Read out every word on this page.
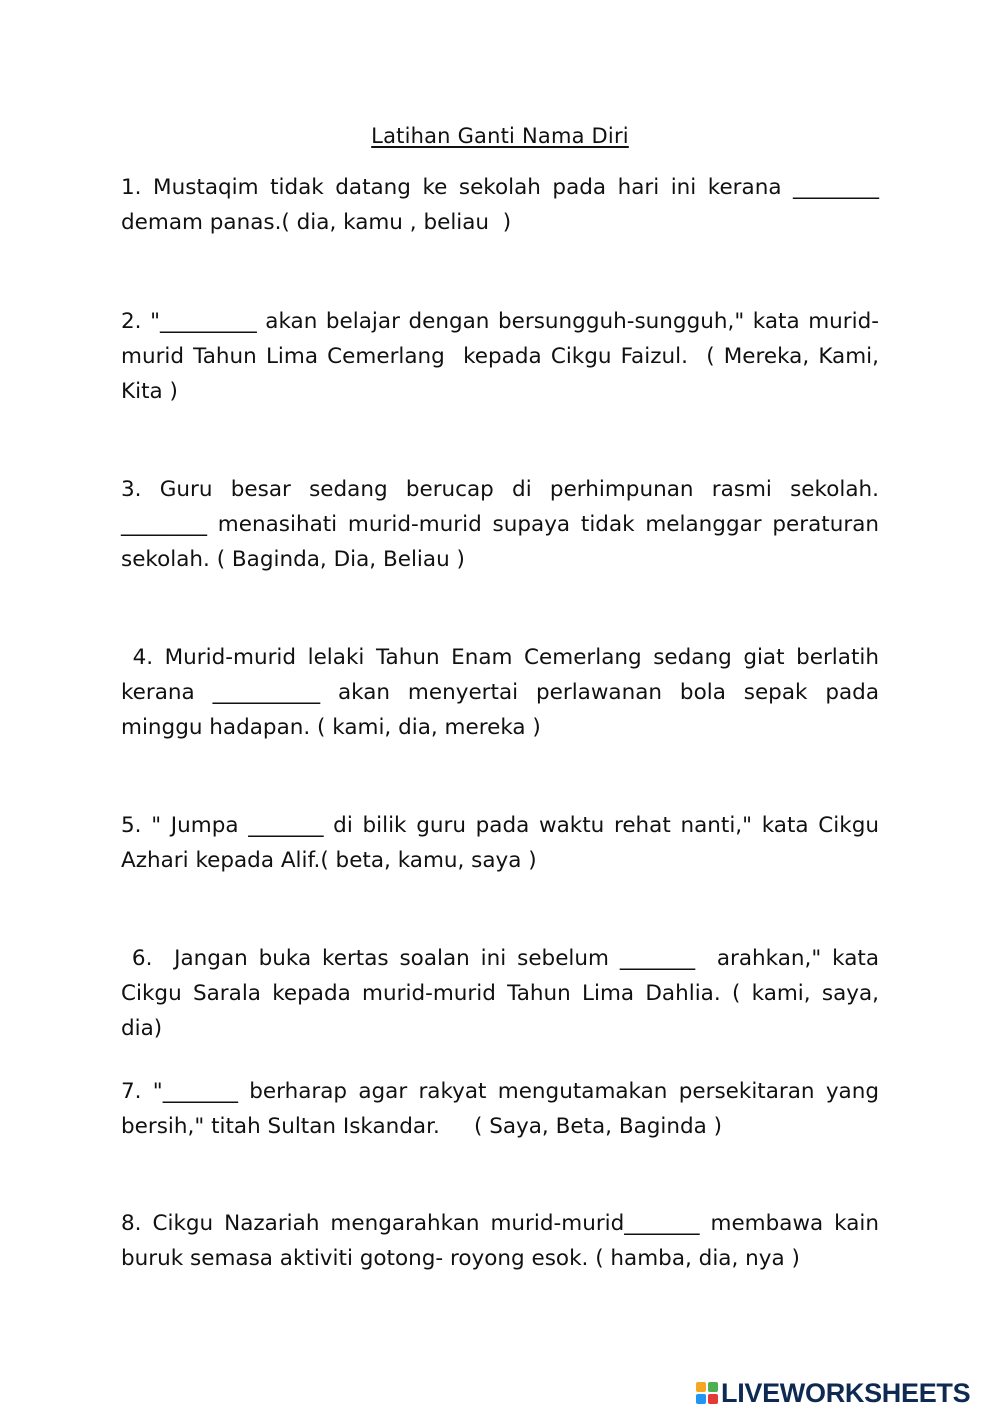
Latihan Ganti Nama Diri
1. Mustaqim tidak datang ke sekolah pada hari ini kerana ________ demam panas.( dia, kamu , beliau  )
2. "_________ akan belajar dengan bersungguh-sungguh," kata murid-murid Tahun Lima Cemerlang  kepada Cikgu Faizul.  ( Mereka, Kami, Kita )
3. Guru besar sedang berucap di perhimpunan rasmi sekolah. ________ menasihati murid-murid supaya tidak melanggar peraturan sekolah. ( Baginda, Dia, Beliau )
4. Murid-murid lelaki Tahun Enam Cemerlang sedang giat berlatih kerana __________ akan menyertai perlawanan bola sepak pada minggu hadapan. ( kami, dia, mereka )
5. " Jumpa _______ di bilik guru pada waktu rehat nanti," kata Cikgu Azhari kepada Alif.( beta, kamu, saya )
6.  Jangan buka kertas soalan ini sebelum _______  arahkan," kata Cikgu Sarala kepada murid-murid Tahun Lima Dahlia. ( kami, saya, dia)
7. "_______ berharap agar rakyat mengutamakan persekitaran yang bersih," titah Sultan Iskandar.     ( Saya, Beta, Baginda )
8. Cikgu Nazariah mengarahkan murid-murid_______ membawa kain buruk semasa aktiviti gotong- royong esok. ( hamba, dia, nya )
LIVEWORKSHEETS
